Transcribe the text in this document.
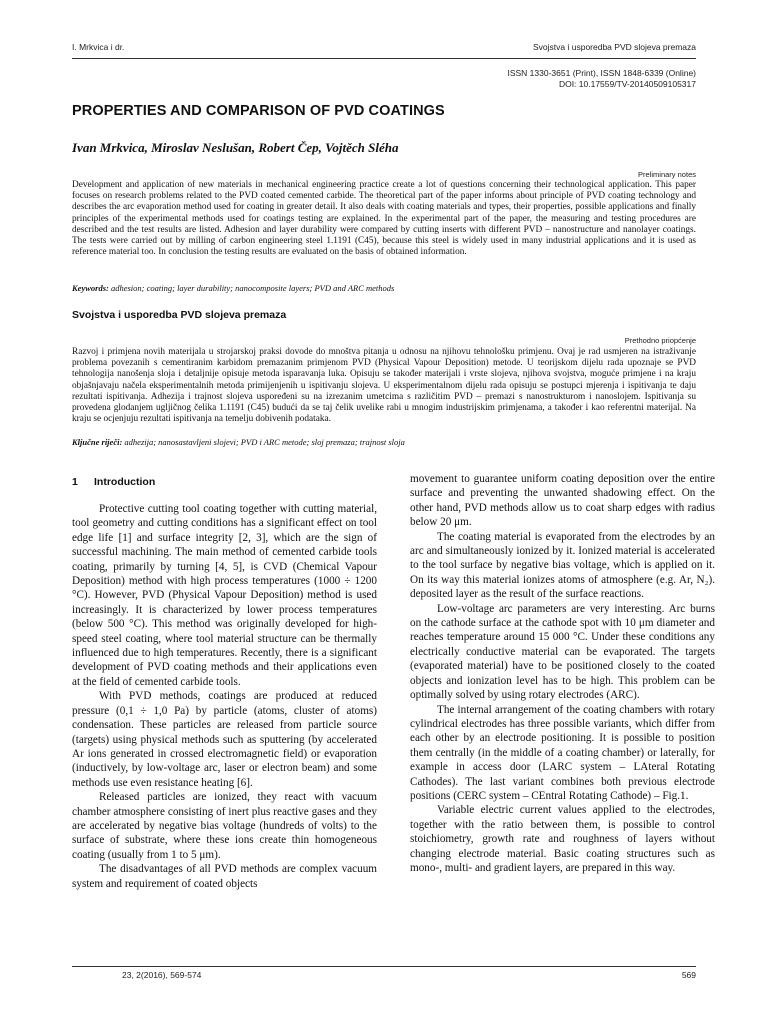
I. Mrkvica i dr.	Svojstva i usporedba PVD slojeva premaza
ISSN 1330-3651 (Print), ISSN 1848-6339 (Online)
DOI: 10.17559/TV-20140509105317
PROPERTIES AND COMPARISON OF PVD COATINGS
Ivan Mrkvica, Miroslav Neslušan, Robert Čep, Vojtěch Sléha
Preliminary notes

Development and application of new materials in mechanical engineering practice create a lot of questions concerning their technological application. This paper focuses on research problems related to the PVD coated cemented carbide. The theoretical part of the paper informs about principle of PVD coating technology and describes the arc evaporation method used for coating in greater detail. It also deals with coating materials and types, their properties, possible applications and finally principles of the experimental methods used for coatings testing are explained. In the experimental part of the paper, the measuring and testing procedures are described and the test results are listed. Adhesion and layer durability were compared by cutting inserts with different PVD – nanostructure and nanolayer coatings. The tests were carried out by milling of carbon engineering steel 1.1191 (C45), because this steel is widely used in many industrial applications and it is used as reference material too. In conclusion the testing results are evaluated on the basis of obtained information.

Keywords: adhesion; coating; layer durability; nanocomposite layers; PVD and ARC methods
Svojstva i usporedba PVD slojeva premaza
Prethodno priopćenje

Razvoj i primjena novih materijala u strojarskoj praksi dovode do mnoštva pitanja u odnosu na njihovu tehnološku primjenu. Ovaj je rad usmjeren na istraživanje problema povezanih s cementiranim karbidom premazanim primjenom PVD (Physical Vapour Deposition) metode. U teorijskom dijelu rada upoznaje se PVD tehnologija nanošenja sloja i detaljnije opisuje metoda isparavanja luka. Opisuju se također materijali i vrste slojeva, njihova svojstva, moguće primjene i na kraju objašnjavaju načela eksperimentalnih metoda primijenjenih u ispitivanju slojeva. U eksperimentalnom dijelu rada opisuju se postupci mjerenja i ispitivanja te daju rezultati ispitivanja. Adhezija i trajnost slojeva uspoređeni su na izrezanim umetcima s različitim PVD – premazi s nanostrukturom i nanoslojem. Ispitivanja su provedena glodanjem ugljičnog čelika 1.1191 (C45) budući da se taj čelik uvelike rabi u mnogim industrijskim primjenama, a također i kao referentni materijal. Na kraju se ocjenjuju rezultati ispitivanja na temelju dobivenih podataka.

Ključne riječi: adhezija; nanosastavljeni slojevi; PVD i ARC metode; sloj premaza; trajnost sloja
1 Introduction

Protective cutting tool coating together with cutting material, tool geometry and cutting conditions has a significant effect on tool edge life [1] and surface integrity [2, 3], which are the sign of successful machining. The main method of cemented carbide tools coating, primarily by turning [4, 5], is CVD (Chemical Vapour Deposition) method with high process temperatures (1000 ÷ 1200 °C). However, PVD (Physical Vapour Deposition) method is used increasingly. It is characterized by lower process temperatures (below 500 °C). This method was originally developed for high-speed steel coating, where tool material structure can be thermally influenced due to high temperatures. Recently, there is a significant development of PVD coating methods and their applications even at the field of cemented carbide tools.

With PVD methods, coatings are produced at reduced pressure (0,1 ÷ 1,0 Pa) by particle (atoms, cluster of atoms) condensation. These particles are released from particle source (targets) using physical methods such as sputtering (by accelerated Ar ions generated in crossed electromagnetic field) or evaporation (inductively, by low-voltage arc, laser or electron beam) and some methods use even resistance heating [6].

Released particles are ionized, they react with vacuum chamber atmosphere consisting of inert plus reactive gases and they are accelerated by negative bias voltage (hundreds of volts) to the surface of substrate, where these ions create thin homogeneous coating (usually from 1 to 5 μm).

The disadvantages of all PVD methods are complex vacuum system and requirement of coated objects

movement to guarantee uniform coating deposition over the entire surface and preventing the unwanted shadowing effect. On the other hand, PVD methods allow us to coat sharp edges with radius below 20 μm.

The coating material is evaporated from the electrodes by an arc and simultaneously ionized by it. Ionized material is accelerated to the tool surface by negative bias voltage, which is applied on it. On its way this material ionizes atoms of atmosphere (e.g. Ar, N₂). deposited layer as the result of the surface reactions.

Low-voltage arc parameters are very interesting. Arc burns on the cathode surface at the cathode spot with 10 μm diameter and reaches temperature around 15 000 °C. Under these conditions any electrically conductive material can be evaporated. The targets (evaporated material) have to be positioned closely to the coated objects and ionization level has to be high. This problem can be optimally solved by using rotary electrodes (ARC).

The internal arrangement of the coating chambers with rotary cylindrical electrodes has three possible variants, which differ from each other by an electrode positioning. It is possible to position them centrally (in the middle of a coating chamber) or laterally, for example in access door (LARC system – LAteral Rotating Cathodes). The last variant combines both previous electrode positions (CERC system – CEntral Rotating Cathode) – Fig.1.

Variable electric current values applied to the electrodes, together with the ratio between them, is possible to control stoichiometry, growth rate and roughness of layers without changing electrode material. Basic coating structures such as mono-, multi- and gradient layers, are prepared in this way.

23, 2(2016), 569-574	569
